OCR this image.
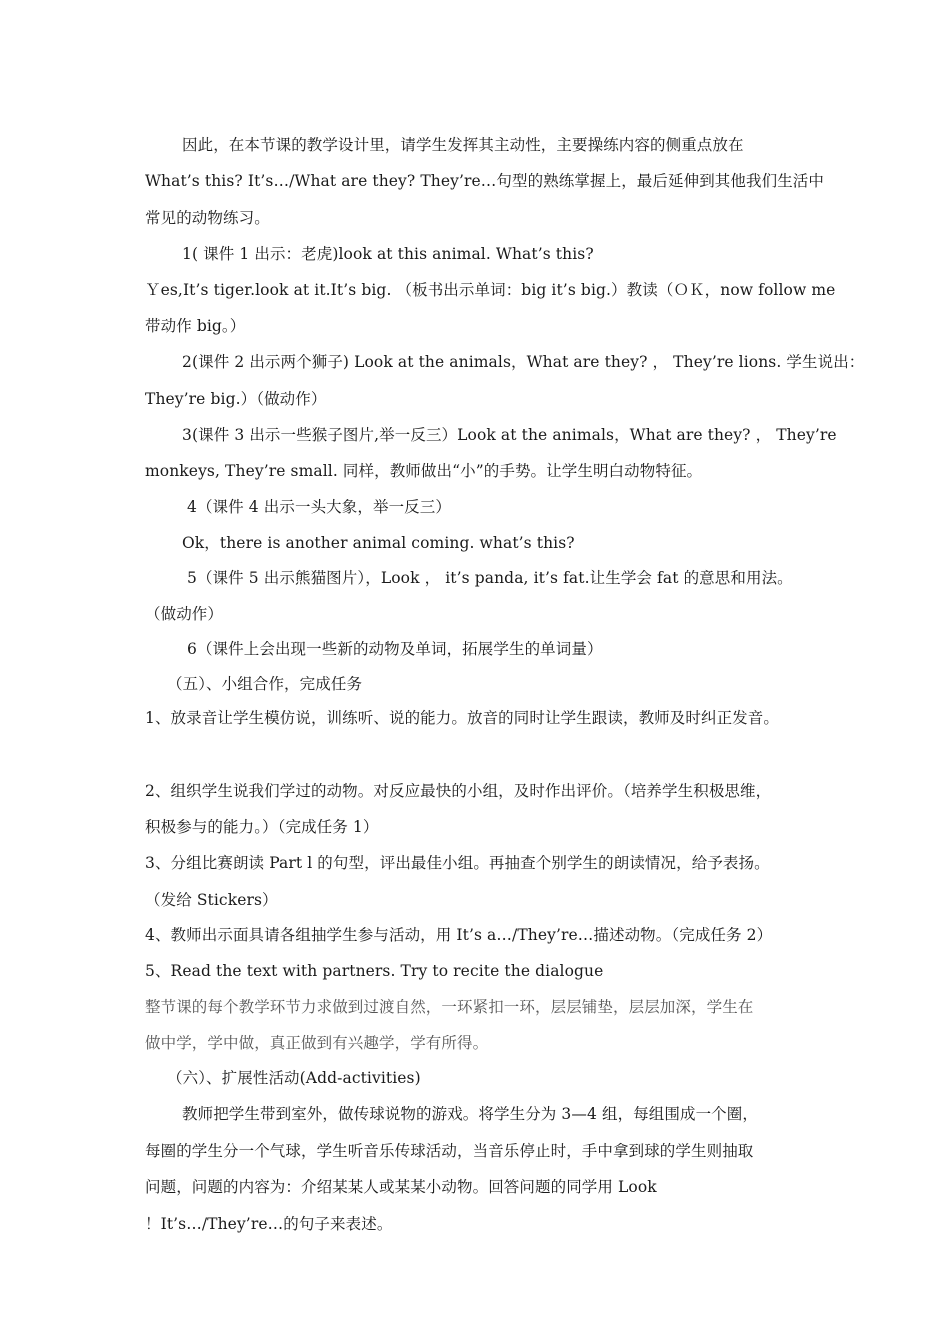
因此，在本节课的教学设计里，请学生发挥其主动性，主要操练内容的侧重点放在

What’s this? It’s…/What are they? They’re…句型的熟练掌握上，最后延伸到其他我们生活中

常见的动物练习。

1( 课件 1 出示：老虎)look at this animal. What’s this?

Ｙes,It’s tiger.look at it.It’s big. （板书出示单词：big it’s big.）教读（ＯＫ，now follow me

带动作 big。）

2(课件 2 出示两个狮子) Look at the animals，What are they? ， They’re lions. 学生说出：

They’re big.）（做动作）

3(课件 3 出示一些猴子图片,举一反三）Look at the animals，What are they? ， They’re

monkeys, They’re small. 同样，教师做出“小”的手势。让学生明白动物特征。

4（课件 4 出示一头大象，举一反三）

Ok，there is another animal coming. what’s this?

5（课件 5 出示熊猫图片），Look ， it’s panda, it’s fat.让生学会 fat 的意思和用法。

（做动作）

6（课件上会出现一些新的动物及单词，拓展学生的单词量）

（五）、小组合作，完成任务

1、放录音让学生模仿说，训练听、说的能力。放音的同时让学生跟读，教师及时纠正发音。

2、组织学生说我们学过的动物。对反应最快的小组，及时作出评价。（培养学生积极思维，

积极参与的能力。）（完成任务 1）

3、分组比赛朗读 Part l 的句型，评出最佳小组。再抽查个别学生的朗读情况，给予表扬。

（发给 Stickers）

4、教师出示面具请各组抽学生参与活动，用 It’s a…/They’re…描述动物。（完成任务 2）

5、Read the text with partners. Try to recite the dialogue

整节课的每个教学环节力求做到过渡自然，一环紧扣一环，层层铺垫，层层加深，学生在

做中学，学中做，真正做到有兴趣学，学有所得。

（六）、扩展性活动(Add-activities)

教师把学生带到室外，做传球说物的游戏。将学生分为 3—4 组，每组围成一个圈，

每圈的学生分一个气球，学生听音乐传球活动，当音乐停止时，手中拿到球的学生则抽取

问题，问题的内容为：介绍某某人或某某小动物。回答问题的同学用 Look

！It’s…/They’re…的句子来表述。
